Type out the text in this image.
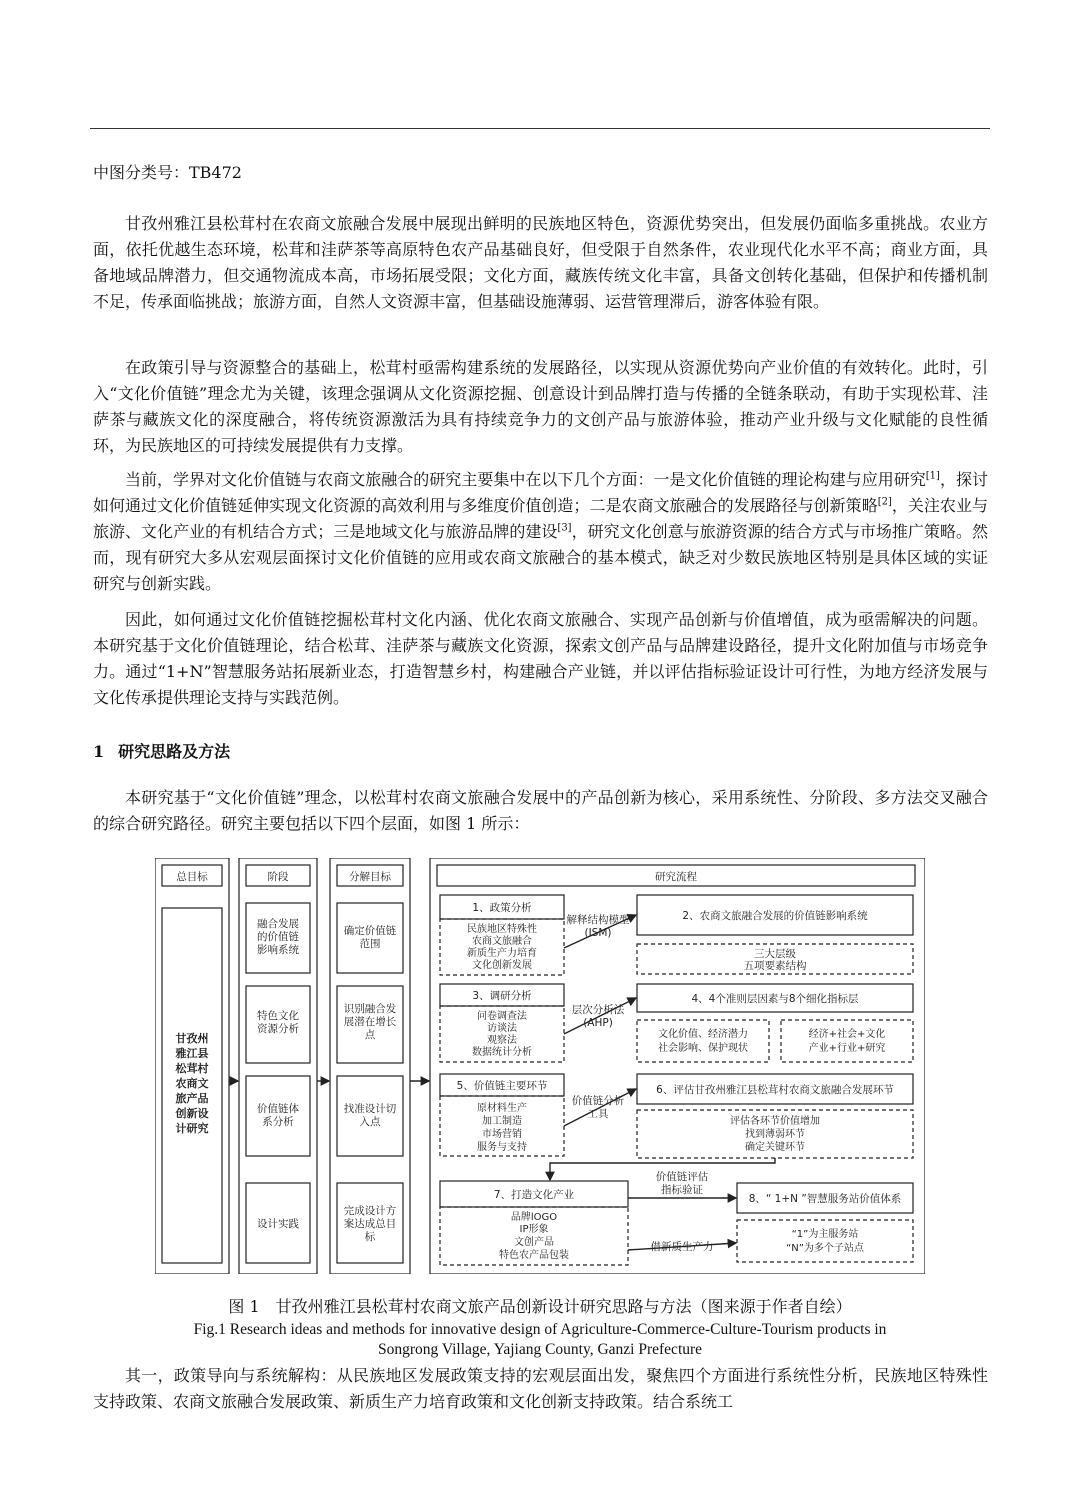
中图分类号：TB472

甘孜州雅江县松茸村在农商文旅融合发展中展现出鲜明的民族地区特色，资源优势突出，但发展仍面临多重挑战。农业方面，依托优越生态环境，松茸和洼萨茶等高原特色农产品基础良好，但受限于自然条件，农业现代化水平不高；商业方面，具备地域品牌潜力，但交通物流成本高，市场拓展受限；文化方面，藏族传统文化丰富，具备文创转化基础，但保护和传播机制不足，传承面临挑战；旅游方面，自然人文资源丰富，但基础设施薄弱、运营管理滞后，游客体验有限。

在政策引导与资源整合的基础上，松茸村亟需构建系统的发展路径，以实现从资源优势向产业价值的有效转化。此时，引入“文化价值链”理念尤为关键，该理念强调从文化资源挖掘、创意设计到品牌打造与传播的全链条联动，有助于实现松茸、洼萨茶与藏族文化的深度融合，将传统资源激活为具有持续竞争力的文创产品与旅游体验，推动产业升级与文化赋能的良性循环，为民族地区的可持续发展提供有力支撑。

当前，学界对文化价值链与农商文旅融合的研究主要集中在以下几个方面：一是文化价值链的理论构建与应用研究[1]，探讨如何通过文化价值链延伸实现文化资源的高效利用与多维度价值创造；二是农商文旅融合的发展路径与创新策略[2]，关注农业与旅游、文化产业的有机结合方式；三是地域文化与旅游品牌的建设[3]，研究文化创意与旅游资源的结合方式与市场推广策略。然而，现有研究大多从宏观层面探讨文化价值链的应用或农商文旅融合的基本模式，缺乏对少数民族地区特别是具体区域的实证研究与创新实践。

因此，如何通过文化价值链挖掘松茸村文化内涵、优化农商文旅融合、实现产品创新与价值增值，成为亟需解决的问题。本研究基于文化价值链理论，结合松茸、洼萨茶与藏族文化资源，探索文创产品与品牌建设路径，提升文化附加值与市场竞争力。通过“1+N”智慧服务站拓展新业态，打造智慧乡村，构建融合产业链，并以评估指标验证设计可行性，为地方经济发展与文化传承提供理论支持与实践范例。

1 研究思路及方法

本研究基于“文化价值链”理念，以松茸村农商文旅融合发展中的产品创新为核心，采用系统性、分阶段、多方法交叉融合的综合研究路径。研究主要包括以下四个层面，如图 1 所示：

总目标	阶段	分解目标	研究流程
甘孜州
雅江县
松茸村
农商文
旅产品
创新设
计研究
融合发展
的价值链
影响系统
特色文化
资源分析
价值链体
系分析
设计实践
确定价值链
范围
识别融合发
展潜在增长
点
找准设计切
入点
完成设计方
案达成总目
标
1、政策分析
民族地区特殊性
农商文旅融合
新质生产力培育
文化创新发展
解释结构模型
(ISM)
2、农商文旅融合发展的价值链影响系统
三大层级
五项要素结构
3、调研分析
问卷调查法
访谈法
观察法
数据统计分析
层次分析法
(AHP)
4、4个准则层因素与8个细化指标层
文化价值、经济潜力
社会影响、保护现状
经济+社会+文化
产业+行业+研究
5、价值链主要环节
原材料生产
加工制造
市场营销
服务与支持
价值链分析
工具
6、评估甘孜州雅江县松茸村农商文旅融合发展环节
评估各环节价值增加
找到薄弱环节
确定关键环节
7、打造文化产业
品牌lOGO
IP形象
文创产品
特色农产品包装
价值链评估
指标验证
借新质生产力
8、“ 1+N ”智慧服务站价值体系
“1”为主服务站
“N”为多个子站点
图 1　甘孜州雅江县松茸村农商文旅产品创新设计研究思路与方法（图来源于作者自绘）
Fig.1 Research ideas and methods for innovative design of Agriculture-Commerce-Culture-Tourism products in
Songrong Village, Yajiang County, Ganzi Prefecture

其一，政策导向与系统解构：从民族地区发展政策支持的宏观层面出发，聚焦四个方面进行系统性分析，民族地区特殊性支持政策、农商文旅融合发展政策、新质生产力培育政策和文化创新支持政策。结合系统工
